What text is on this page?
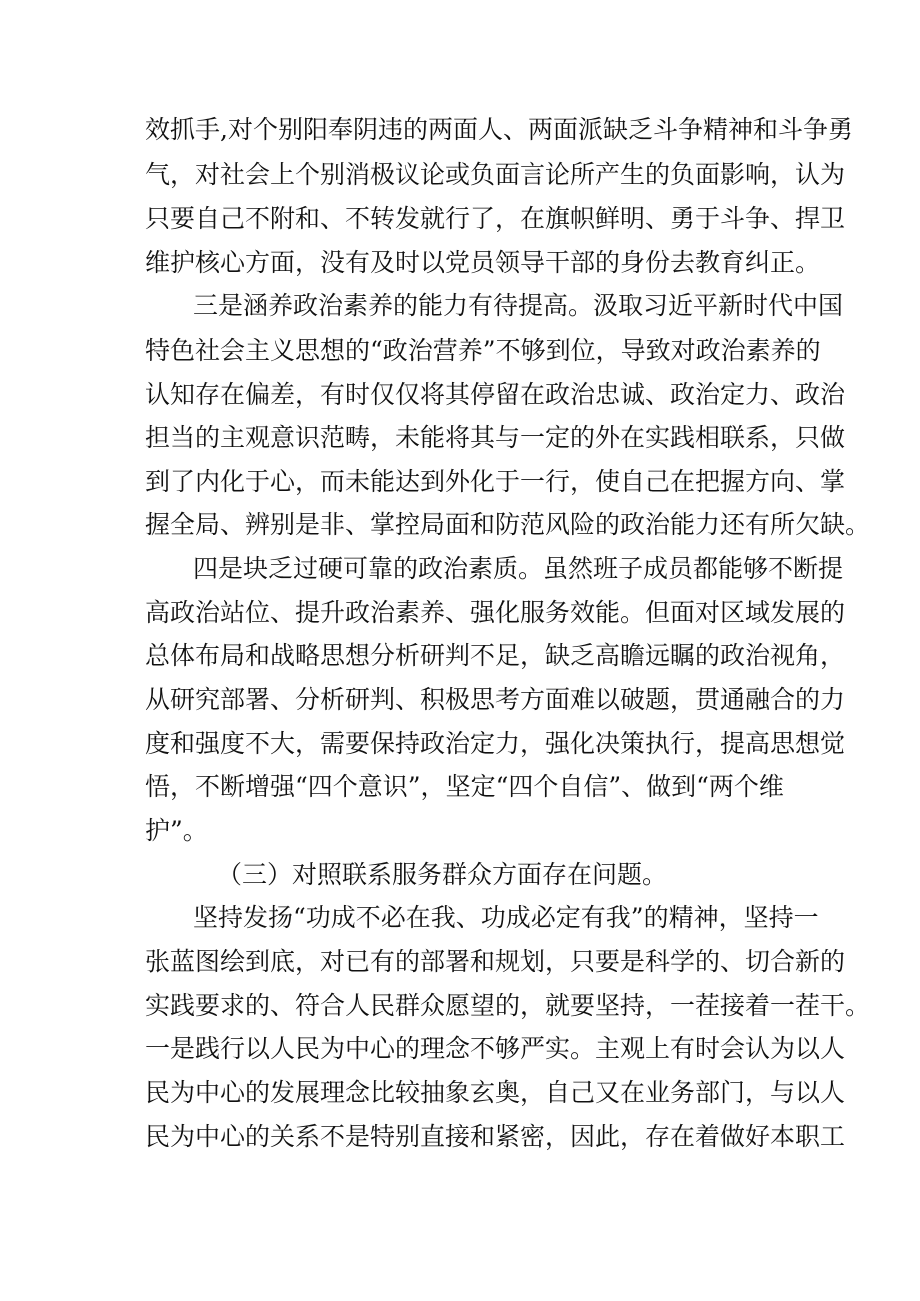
效抓手,对个别阳奉阴违的两面人、两面派缺乏斗争精神和斗争勇
气，对社会上个别消极议论或负面言论所产生的负面影响，认为
只要自己不附和、不转发就行了，在旗帜鲜明、勇于斗争、捍卫
维护核心方面，没有及时以党员领导干部的身份去教育纠正。
三是涵养政治素养的能力有待提高。汲取习近平新时代中国
特色社会主义思想的“政治营养”不够到位，导致对政治素养的
认知存在偏差，有时仅仅将其停留在政治忠诚、政治定力、政治
担当的主观意识范畴，未能将其与一定的外在实践相联系，只做
到了内化于心，而未能达到外化于一行，使自己在把握方向、掌
握全局、辨别是非、掌控局面和防范风险的政治能力还有所欠缺。
四是块乏过硬可靠的政治素质。虽然班子成员都能够不断提
高政治站位、提升政治素养、强化服务效能。但面对区域发展的
总体布局和战略思想分析研判不足，缺乏高瞻远瞩的政治视角，
从研究部署、分析研判、积极思考方面难以破题，贯通融合的力
度和强度不大，需要保持政治定力，强化决策执行，提高思想觉
悟，不断增强“四个意识”，坚定“四个自信”、做到“两个维
护”。
（三）对照联系服务群众方面存在问题。
坚持发扬“功成不必在我、功成必定有我”的精神，坚持一
张蓝图绘到底，对已有的部署和规划，只要是科学的、切合新的
实践要求的、符合人民群众愿望的，就要坚持，一茬接着一茬干。
一是践行以人民为中心的理念不够严实。主观上有时会认为以人
民为中心的发展理念比较抽象玄奥，自己又在业务部门，与以人
民为中心的关系不是特别直接和紧密，因此，存在着做好本职工
